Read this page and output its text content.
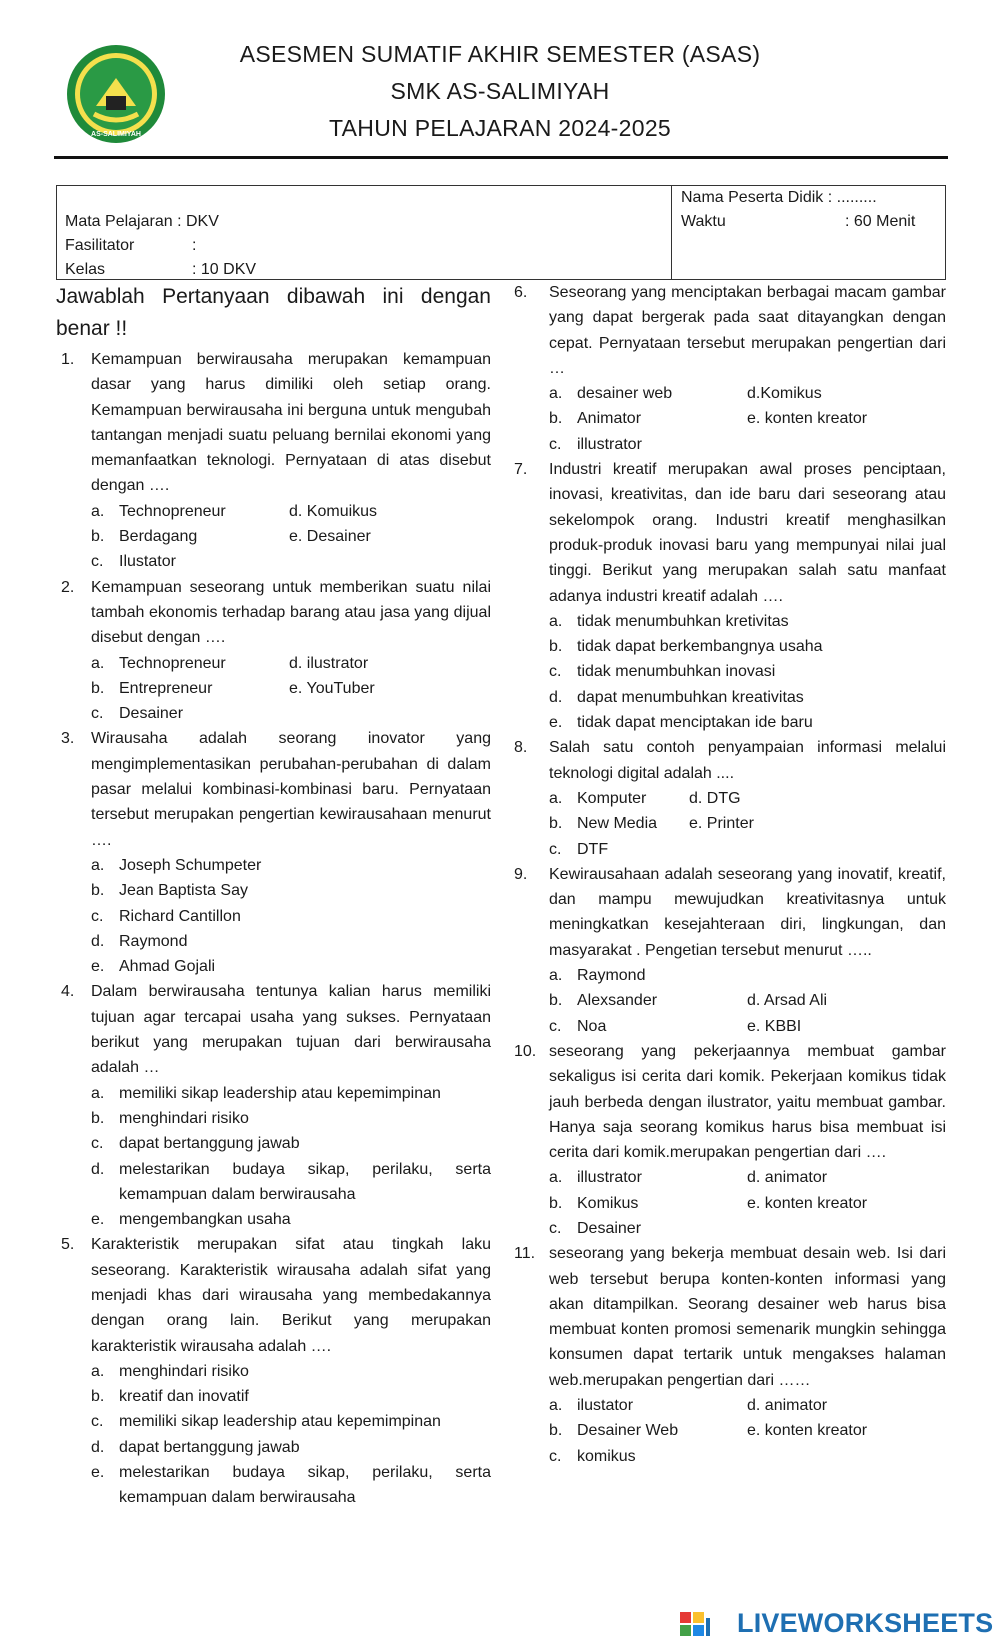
AS-SALIMIYAH
ASESMEN SUMATIF AKHIR SEMESTER (ASAS)
SMK AS-SALIMIYAH
TAHUN PELAJARAN 2024-2025
Mata Pelajaran : DKV
Fasilitator	:
Kelas	: 10 DKV
Nama Peserta Didik : .........
Waktu	: 60 Menit
Jawablah Pertanyaan dibawah ini dengan benar !!
1. Kemampuan berwirausaha merupakan kemampuan dasar yang harus dimiliki oleh setiap orang. Kemampuan berwirausaha ini berguna untuk mengubah tantangan menjadi suatu peluang bernilai ekonomi yang memanfaatkan teknologi. Pernyataan di atas disebut dengan ….
a. Technopreneur	d. Komuikus
b. Berdagang	e. Desainer
c. Ilustator
2. Kemampuan seseorang untuk memberikan suatu nilai tambah ekonomis terhadap barang atau jasa yang dijual disebut dengan ….
a. Technopreneur	d. ilustrator
b. Entrepreneur	e. YouTuber
c. Desainer
3. Wirausaha adalah seorang inovator yang mengimplementasikan perubahan-perubahan di dalam pasar melalui kombinasi-kombinasi baru. Pernyataan tersebut merupakan pengertian kewirausahaan menurut ….
a. Joseph Schumpeter
b. Jean Baptista Say
c. Richard Cantillon
d. Raymond
e. Ahmad Gojali
4. Dalam berwirausaha tentunya kalian harus memiliki tujuan agar tercapai usaha yang sukses. Pernyataan berikut yang merupakan tujuan dari berwirausaha adalah …
a. memiliki sikap leadership atau kepemimpinan
b. menghindari risiko
c. dapat bertanggung jawab
d. melestarikan budaya sikap, perilaku, serta kemampuan dalam berwirausaha
e. mengembangkan usaha
5. Karakteristik merupakan sifat atau tingkah laku seseorang. Karakteristik wirausaha adalah sifat yang menjadi khas dari wirausaha yang membedakannya dengan orang lain. Berikut yang merupakan karakteristik wirausaha adalah ….
a. menghindari risiko
b. kreatif dan inovatif
c. memiliki sikap leadership atau kepemimpinan
d. dapat bertanggung jawab
e. melestarikan budaya sikap, perilaku, serta kemampuan dalam berwirausaha
6. Seseorang yang menciptakan berbagai macam gambar yang dapat bergerak pada saat ditayangkan dengan cepat. Pernyataan tersebut merupakan pengertian dari …
a. desainer web	d.Komikus
b. Animator	e. konten kreator
c. illustrator
7. Industri kreatif merupakan awal proses penciptaan, inovasi, kreativitas, dan ide baru dari seseorang atau sekelompok orang. Industri kreatif menghasilkan produk-produk inovasi baru yang mempunyai nilai jual tinggi. Berikut yang merupakan salah satu manfaat adanya industri kreatif adalah ….
a. tidak menumbuhkan kretivitas
b. tidak dapat berkembangnya usaha
c. tidak menumbuhkan inovasi
d. dapat menumbuhkan kreativitas
e. tidak dapat menciptakan ide baru
8. Salah satu contoh penyampaian informasi melalui teknologi digital adalah ....
a. Komputer	d. DTG
b. New Media	e. Printer
c. DTF
9. Kewirausahaan adalah seseorang yang inovatif, kreatif, dan mampu mewujudkan kreativitasnya untuk meningkatkan kesejahteraan diri, lingkungan, dan masyarakat . Pengetian tersebut menurut …..
a. Raymond
b. Alexsander	d. Arsad Ali
c. Noa	e. KBBI
10. seseorang yang pekerjaannya membuat gambar sekaligus isi cerita dari komik. Pekerjaan komikus tidak jauh berbeda dengan ilustrator, yaitu membuat gambar. Hanya saja seorang komikus harus bisa membuat isi cerita dari komik.merupakan pengertian dari ….
a. illustrator	d. animator
b. Komikus	e. konten kreator
c. Desainer
11. seseorang yang bekerja membuat desain web. Isi dari web tersebut berupa konten-konten informasi yang akan ditampilkan. Seorang desainer web harus bisa membuat konten promosi semenarik mungkin sehingga konsumen dapat tertarik untuk mengakses halaman web.merupakan pengertian dari ……
a. ilustator	d. animator
b. Desainer Web	e. konten kreator
c. komikus
LIVEWORKSHEETS
